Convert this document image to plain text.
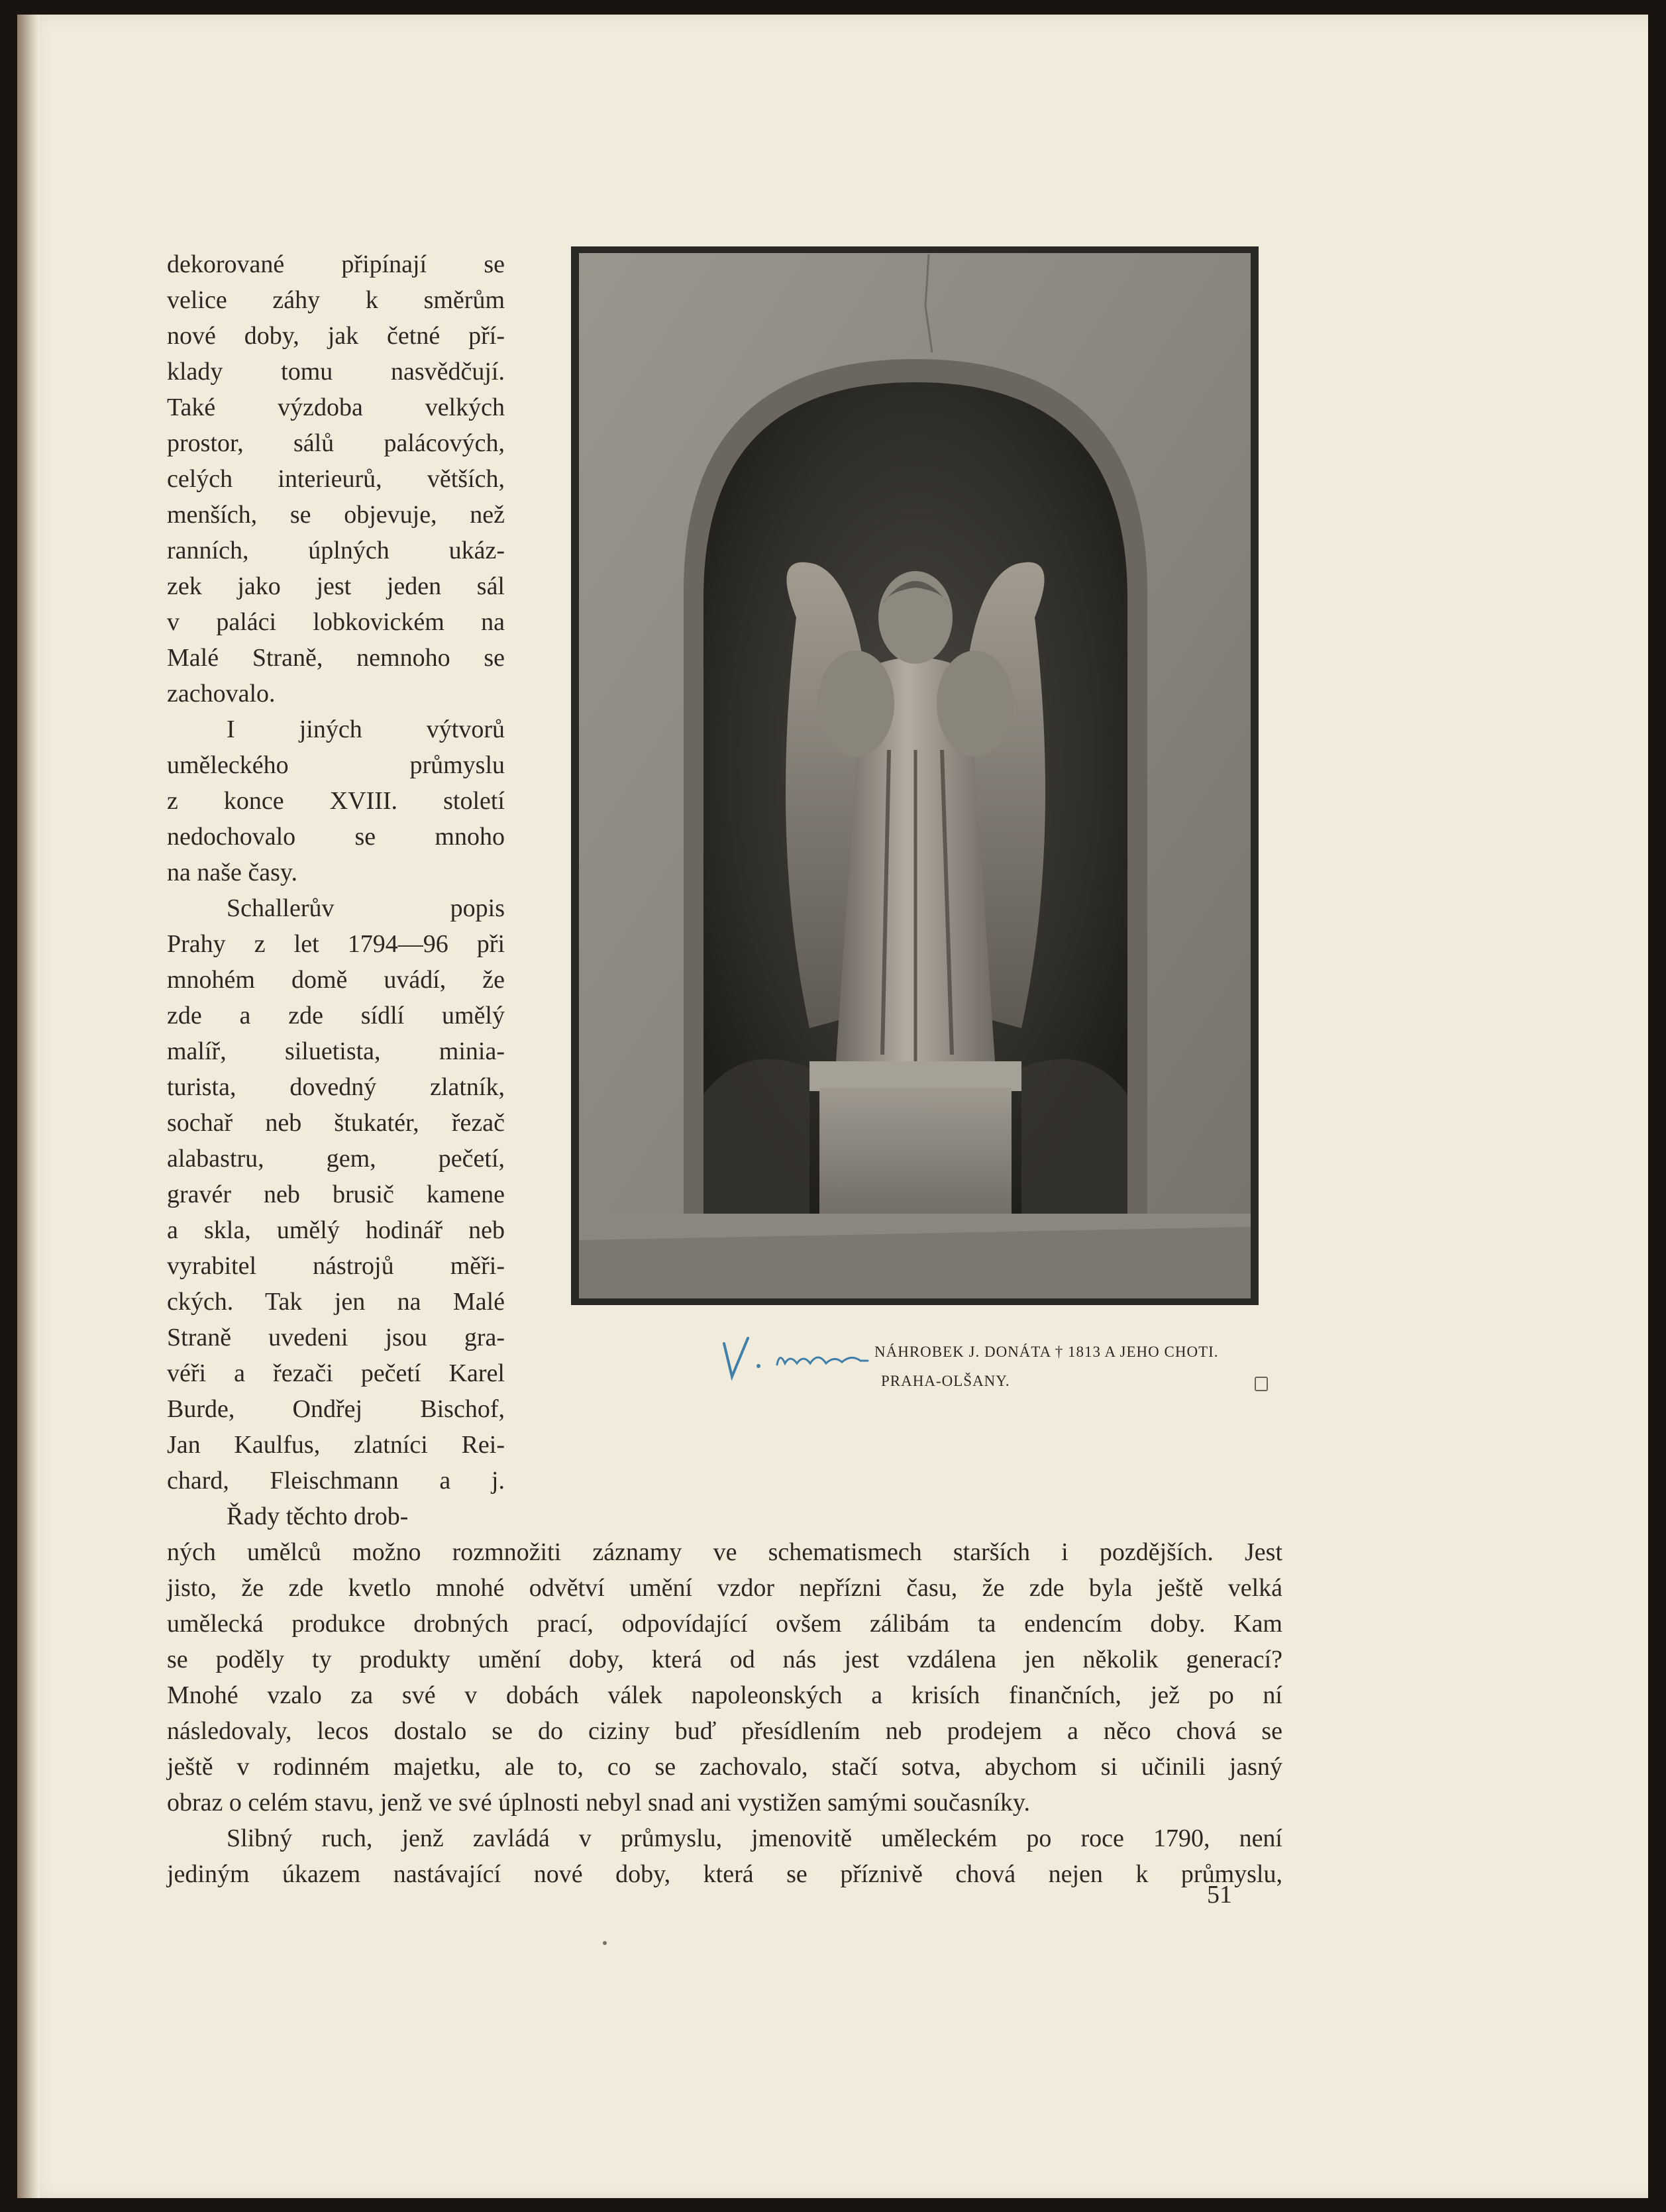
dekorované připínají se
velice záhy k směrům
nové doby, jak četné pří-
klady tomu nasvědčují.
Také výzdoba velkých
prostor, sálů palácových,
celých interieurů, větších,
menších, se objevuje, než
ranních, úplných ukáz-
zek jako jest jeden sál
v paláci lobkovickém na
Malé Straně, nemnoho se
zachovalo.
I jiných výtvorů
uměleckého průmyslu
z konce XVIII. století
nedochovalo se mnoho
na naše časy.
Schallerův popis
Prahy z let 1794—96 při
mnohém domě uvádí, že
zde a zde sídlí umělý
malíř, siluetista, minia-
turista, dovedný zlatník,
sochař neb štukatér, řezač
alabastru, gem, pečetí,
gravér neb brusič kamene
a skla, umělý hodinář neb
vyrabitel nástrojů měři-
ckých. Tak jen na Malé
Straně uvedeni jsou gra-
véři a řezači pečetí Karel
Burde, Ondřej Bischof,
Jan Kaulfus, zlatníci Rei-
chard, Fleischmann a j.
Řady těchto drob-
ných umělců možno rozmnožiti záznamy ve schematismech starších i pozdějších. Jest
jisto, že zde kvetlo mnohé odvětví umění vzdor nepřízni času, že zde byla ještě velká
umělecká produkce drobných prací, odpovídající ovšem zálibám ta endencím doby. Kam
se poděly ty produkty umění doby, která od nás jest vzdálena jen několik generací?
Mnohé vzalo za své v dobách válek napoleonských a krisích finančních, jež po ní
následovaly, lecos dostalo se do ciziny buď přesídlením neb prodejem a něco chová se
ještě v rodinném majetku, ale to, co se zachovalo, stačí sotva, abychom si učinili jasný
obraz o celém stavu, jenž ve své úplnosti nebyl snad ani vystižen samými současníky.
Slibný ruch, jenž zavládá v průmyslu, jmenovitě uměleckém po roce 1790, není
jediným úkazem nastávající nové doby, která se příznivě chová nejen k průmyslu,
NÁHROBEK J. DONÁTA † 1813 A JEHO CHOTI.
PRAHA-OLŠANY.
51
